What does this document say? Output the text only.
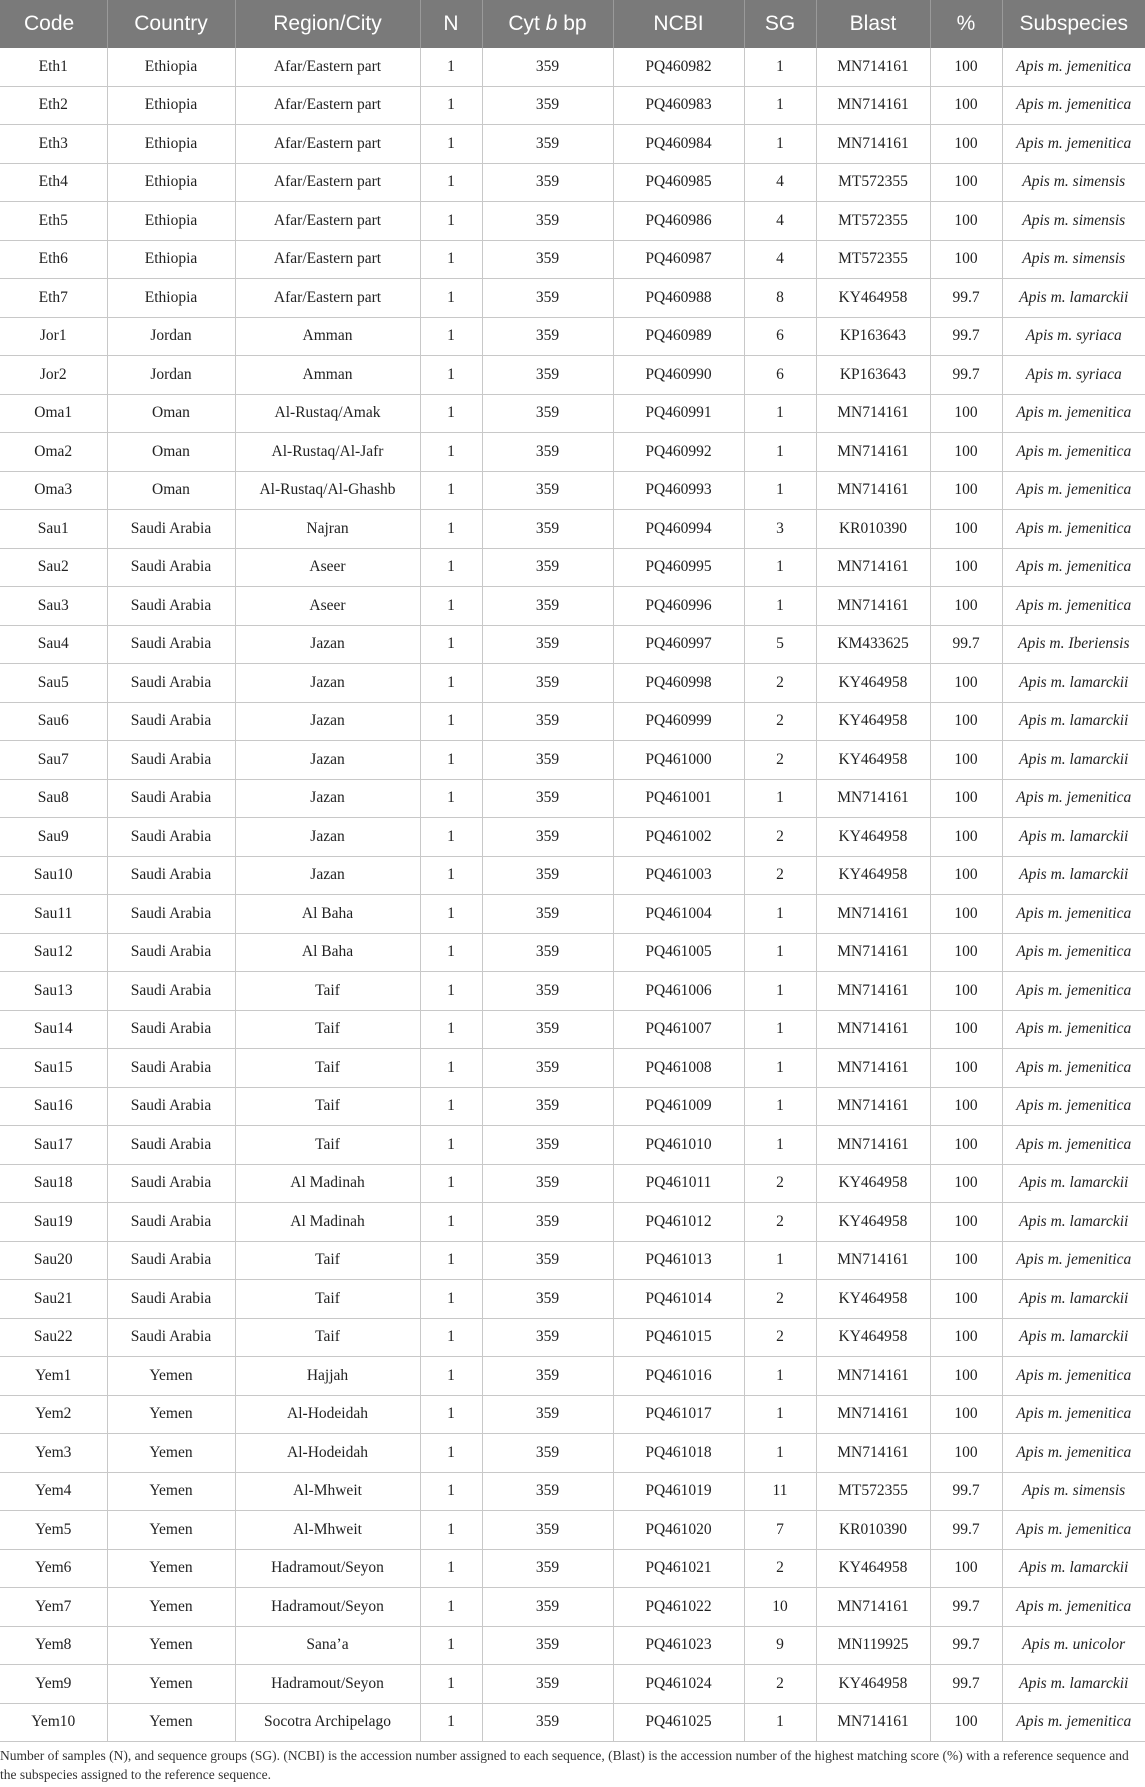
Code	Country	Region/City	N	Cyt b bp	NCBI	SG	Blast	%	Subspecies
Eth1	Ethiopia	Afar/Eastern part	1	359	PQ460982	1	MN714161	100	Apis m. jemenitica
Eth2	Ethiopia	Afar/Eastern part	1	359	PQ460983	1	MN714161	100	Apis m. jemenitica
Eth3	Ethiopia	Afar/Eastern part	1	359	PQ460984	1	MN714161	100	Apis m. jemenitica
Eth4	Ethiopia	Afar/Eastern part	1	359	PQ460985	4	MT572355	100	Apis m. simensis
Eth5	Ethiopia	Afar/Eastern part	1	359	PQ460986	4	MT572355	100	Apis m. simensis
Eth6	Ethiopia	Afar/Eastern part	1	359	PQ460987	4	MT572355	100	Apis m. simensis
Eth7	Ethiopia	Afar/Eastern part	1	359	PQ460988	8	KY464958	99.7	Apis m. lamarckii
Jor1	Jordan	Amman	1	359	PQ460989	6	KP163643	99.7	Apis m. syriaca
Jor2	Jordan	Amman	1	359	PQ460990	6	KP163643	99.7	Apis m. syriaca
Oma1	Oman	Al-Rustaq/Amak	1	359	PQ460991	1	MN714161	100	Apis m. jemenitica
Oma2	Oman	Al-Rustaq/Al-Jafr	1	359	PQ460992	1	MN714161	100	Apis m. jemenitica
Oma3	Oman	Al-Rustaq/Al-Ghashb	1	359	PQ460993	1	MN714161	100	Apis m. jemenitica
Sau1	Saudi Arabia	Najran	1	359	PQ460994	3	KR010390	100	Apis m. jemenitica
Sau2	Saudi Arabia	Aseer	1	359	PQ460995	1	MN714161	100	Apis m. jemenitica
Sau3	Saudi Arabia	Aseer	1	359	PQ460996	1	MN714161	100	Apis m. jemenitica
Sau4	Saudi Arabia	Jazan	1	359	PQ460997	5	KM433625	99.7	Apis m. Iberiensis
Sau5	Saudi Arabia	Jazan	1	359	PQ460998	2	KY464958	100	Apis m. lamarckii
Sau6	Saudi Arabia	Jazan	1	359	PQ460999	2	KY464958	100	Apis m. lamarckii
Sau7	Saudi Arabia	Jazan	1	359	PQ461000	2	KY464958	100	Apis m. lamarckii
Sau8	Saudi Arabia	Jazan	1	359	PQ461001	1	MN714161	100	Apis m. jemenitica
Sau9	Saudi Arabia	Jazan	1	359	PQ461002	2	KY464958	100	Apis m. lamarckii
Sau10	Saudi Arabia	Jazan	1	359	PQ461003	2	KY464958	100	Apis m. lamarckii
Sau11	Saudi Arabia	Al Baha	1	359	PQ461004	1	MN714161	100	Apis m. jemenitica
Sau12	Saudi Arabia	Al Baha	1	359	PQ461005	1	MN714161	100	Apis m. jemenitica
Sau13	Saudi Arabia	Taif	1	359	PQ461006	1	MN714161	100	Apis m. jemenitica
Sau14	Saudi Arabia	Taif	1	359	PQ461007	1	MN714161	100	Apis m. jemenitica
Sau15	Saudi Arabia	Taif	1	359	PQ461008	1	MN714161	100	Apis m. jemenitica
Sau16	Saudi Arabia	Taif	1	359	PQ461009	1	MN714161	100	Apis m. jemenitica
Sau17	Saudi Arabia	Taif	1	359	PQ461010	1	MN714161	100	Apis m. jemenitica
Sau18	Saudi Arabia	Al Madinah	1	359	PQ461011	2	KY464958	100	Apis m. lamarckii
Sau19	Saudi Arabia	Al Madinah	1	359	PQ461012	2	KY464958	100	Apis m. lamarckii
Sau20	Saudi Arabia	Taif	1	359	PQ461013	1	MN714161	100	Apis m. jemenitica
Sau21	Saudi Arabia	Taif	1	359	PQ461014	2	KY464958	100	Apis m. lamarckii
Sau22	Saudi Arabia	Taif	1	359	PQ461015	2	KY464958	100	Apis m. lamarckii
Yem1	Yemen	Hajjah	1	359	PQ461016	1	MN714161	100	Apis m. jemenitica
Yem2	Yemen	Al-Hodeidah	1	359	PQ461017	1	MN714161	100	Apis m. jemenitica
Yem3	Yemen	Al-Hodeidah	1	359	PQ461018	1	MN714161	100	Apis m. jemenitica
Yem4	Yemen	Al-Mhweit	1	359	PQ461019	11	MT572355	99.7	Apis m. simensis
Yem5	Yemen	Al-Mhweit	1	359	PQ461020	7	KR010390	99.7	Apis m. jemenitica
Yem6	Yemen	Hadramout/Seyon	1	359	PQ461021	2	KY464958	100	Apis m. lamarckii
Yem7	Yemen	Hadramout/Seyon	1	359	PQ461022	10	MN714161	99.7	Apis m. jemenitica
Yem8	Yemen	Sana’a	1	359	PQ461023	9	MN119925	99.7	Apis m. unicolor
Yem9	Yemen	Hadramout/Seyon	1	359	PQ461024	2	KY464958	99.7	Apis m. lamarckii
Yem10	Yemen	Socotra Archipelago	1	359	PQ461025	1	MN714161	100	Apis m. jemenitica
Number of samples (N), and sequence groups (SG). (NCBI) is the accession number assigned to each sequence, (Blast) is the accession number of the highest matching score (%) with a reference sequence and the subspecies assigned to the reference sequence.
